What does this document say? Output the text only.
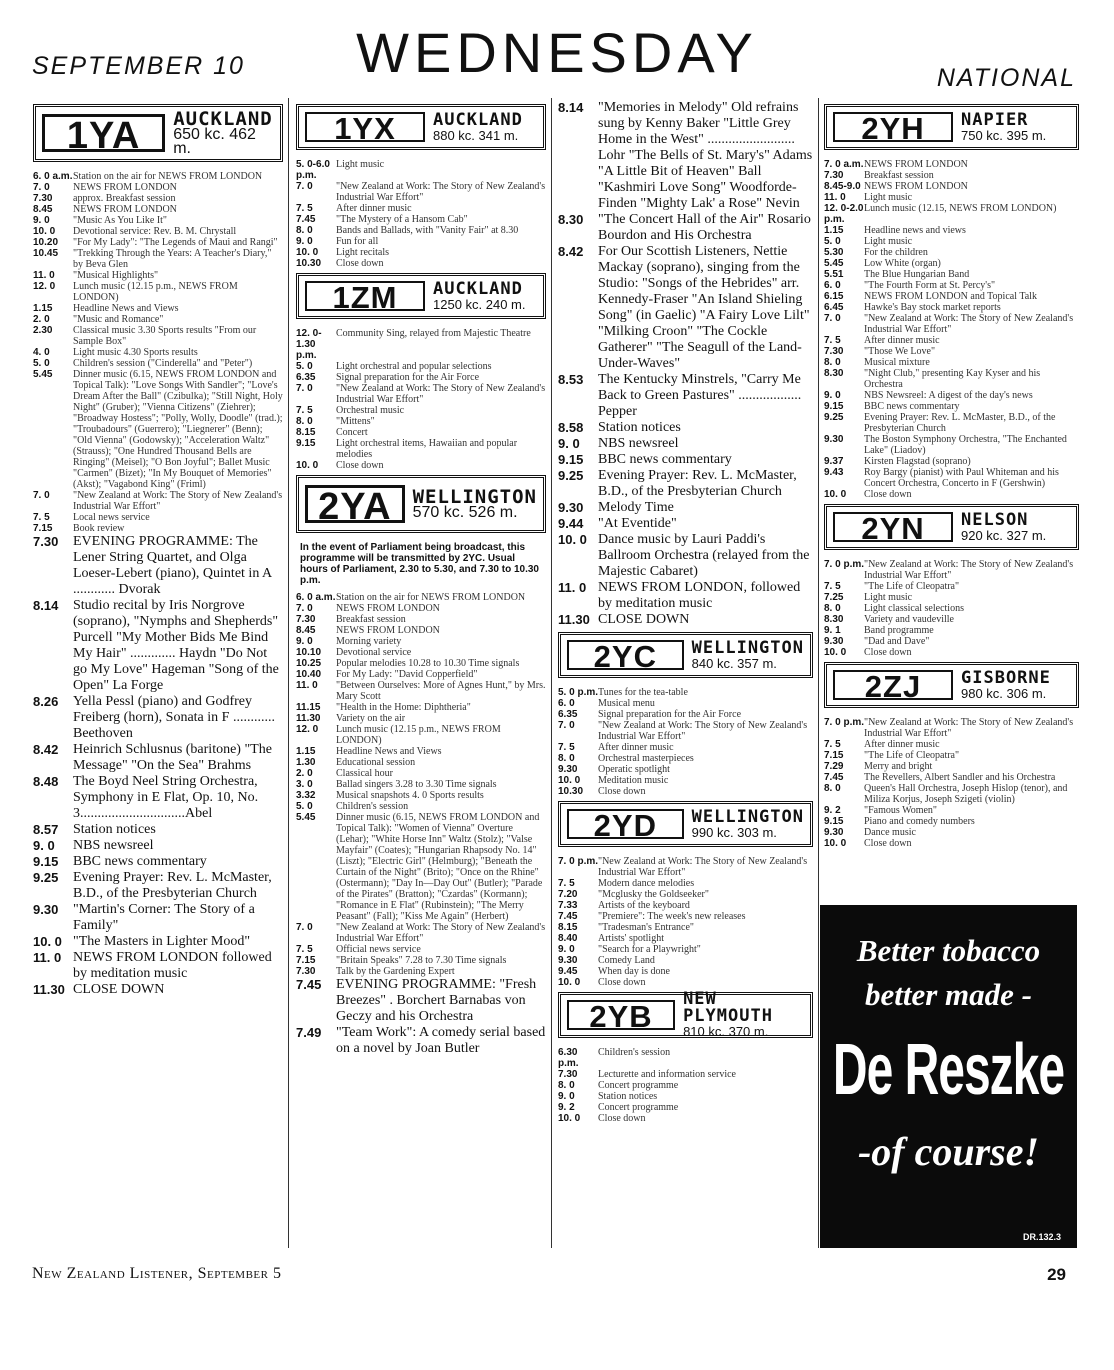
SEPTEMBER 10	WEDNESDAY	NATIONAL
1YA	AUCKLAND
650 kc. 462 m.
6. 0 a.m. Station on the air for NEWS FROM LONDON
7. 0	NEWS FROM LONDON
7.30	approx. Breakfast session
8.45	NEWS FROM LONDON
9. 0	"Music As You Like It"
10. 0	Devotional service: Rev. B. M. Chrystall
10.20	"For My Lady": "The Legends of Maui and Rangi"
10.45	"Trekking Through the Years: A Teacher's Diary," by Beva Glen
11. 0	"Musical Highlights"
12. 0	Lunch music (12.15 p.m., NEWS FROM LONDON)
1.15	Headline News and Views
2. 0	"Music and Romance"
2.30	Classical music 3.30 Sports results "From our Sample Box"
4. 0	Light music 4.30 Sports results
5. 0	Children's session ("Cinderella" and "Peter")
5.45	Dinner music (6.15, NEWS FROM LONDON and Topical Talk): "Love Songs With Sandler"; "Love's Dream After the Ball" (Czibulka); "Still Night, Holy Night" (Gruber); "Vienna Citizens" (Ziehrer); "Broadway Hostess"; "Polly, Wolly, Doodle" (trad.); "Troubadours" (Guerrero); "Liegnerer" (Benn); "Old Vienna" (Godowsky); "Acceleration Waltz" (Strauss); "One Hundred Thousand Bells are Ringing" (Meisel); "O Bon Joyful"; Ballet Music "Carmen" (Bizet); "In My Bouquet of Memories" (Akst); "Vagabond King" (Friml)
7. 0	"New Zealand at Work: The Story of New Zealand's Industrial War Effort"
7. 5	Local news service
7.15	Book review
7.30	EVENING PROGRAMME: The Lener String Quartet, and Olga Loeser-Lebert (piano), Quintet in A ............ Dvorak
8.14	Studio recital by Iris Norgrove (soprano), "Nymphs and Shepherds" Purcell "My Mother Bids Me Bind My Hair" ............. Haydn "Do Not go My Love" Hageman "Song of the Open" La Forge
8.26	Yella Pessl (piano) and Godfrey Freiberg (horn), Sonata in F ............ Beethoven
8.42	Heinrich Schlusnus (baritone) "The Message" "On the Sea" Brahms
8.48	The Boyd Neel String Orchestra, Symphony in E Flat, Op. 10, No. 3..............................Abel
8.57	Station notices
9. 0	NBS newsreel
9.15	BBC news commentary
9.25	Evening Prayer: Rev. L. McMaster, B.D., of the Presbyterian Church
9.30	"Martin's Corner: The Story of a Family"
10. 0 "The Masters in Lighter Mood"
11. 0 NEWS FROM LONDON followed by meditation music
11.30 CLOSE DOWN
1YX	AUCKLAND
880 kc. 341 m.
5. 0-6.0 p.m.
Light music
7. 0	"New Zealand at Work: The Story of New Zealand's Industrial War Effort"
7. 5	After dinner music
7.45	"The Mystery of a Hansom Cab"
8. 0	Bands and Ballads, with "Vanity Fair" at 8.30
9. 0	Fun for all
10. 0	Light recitals
10.30	Close down
1ZM	AUCKLAND
1250 kc. 240 m.
12. 0-1.30 p.m.
Community Sing, relayed from Majestic Theatre
5. 0	Light orchestral and popular selections
6.35	Signal preparation for the Air Force
7. 0	"New Zealand at Work: The Story of New Zealand's Industrial War Effort"
7. 5	Orchestral music
8. 0	"Mittens"
8.15	Concert
9.15	Light orchestral items, Hawaiian and popular melodies
10. 0	Close down
2YA	WELLINGTON
570 kc. 526 m.
In the event of Parliament being broadcast, this programme will be transmitted by 2YC. Usual hours of Parliament, 2.30 to 5.30, and 7.30 to 10.30 p.m.
6. 0 a.m. Station on the air for NEWS FROM LONDON
7. 0	NEWS FROM LONDON
7.30	Breakfast session
8.45	NEWS FROM LONDON
9. 0	Morning variety
10.10	Devotional service
10.25	Popular melodies 10.28 to 10.30 Time signals
10.40	For My Lady: "David Copperfield"
11. 0	"Between Ourselves: More of Agnes Hunt," by Mrs. Mary Scott
11.15	"Health in the Home: Diphtheria"
11.30	Variety on the air
12. 0	Lunch music (12.15 p.m., NEWS FROM LONDON)
1.15	Headline News and Views
1.30	Educational session
2. 0	Classical hour
3. 0	Ballad singers 3.28 to 3.30 Time signals
3.32	Musical snapshots 4. 0 Sports results
5. 0	Children's session
5.45	Dinner music (6.15, NEWS FROM LONDON and Topical Talk): "Women of Vienna" Overture (Lehar); "White Horse Inn" Waltz (Stolz); "Valse Mayfair" (Coates); "Hungarian Rhapsody No. 14" (Liszt); "Electric Girl" (Helmburg); "Beneath the Curtain of the Night" (Brito); "Once on the Rhine" (Ostermann); "Day In—Day Out" (Butler); "Parade of the Pirates" (Bratton); "Czardas" (Kormann); "Romance in E Flat" (Rubinstein); "The Merry Peasant" (Fall); "Kiss Me Again" (Herbert)
7. 0	"New Zealand at Work: The Story of New Zealand's Industrial War Effort"
7. 5	Official news service
7.15	"Britain Speaks" 7.28 to 7.30 Time signals
7.30	Talk by the Gardening Expert
7.45	EVENING PROGRAMME: "Fresh Breezes" . Borchert Barnabas von Geczy and his Orchestra
7.49	"Team Work": A comedy serial based on a novel by Joan Butler
8.14	"Memories in Melody" Old refrains sung by Kenny Baker "Little Grey Home in the West" ......................... Lohr "The Bells of St. Mary's" Adams "A Little Bit of Heaven" Ball "Kashmiri Love Song" Woodforde-Finden "Mighty Lak' a Rose" Nevin
8.30	"The Concert Hall of the Air" Rosario Bourdon and His Orchestra
8.42	For Our Scottish Listeners, Nettie Mackay (soprano), singing from the Studio: "Songs of the Hebrides" arr. Kennedy-Fraser "An Island Shieling Song" (in Gaelic) "A Fairy Love Lilt" "Milking Croon" "The Cockle Gatherer" "The Seagull of the Land-Under-Waves"
8.53	The Kentucky Minstrels, "Carry Me Back to Green Pastures" .................. Pepper
8.58	Station notices
9. 0	NBS newsreel
9.15	BBC news commentary
9.25	Evening Prayer: Rev. L. McMaster, B.D., of the Presbyterian Church
9.30	Melody Time
9.44	"At Eventide"
10. 0 Dance music by Lauri Paddi's Ballroom Orchestra (relayed from the Majestic Cabaret)
11. 0 NEWS FROM LONDON, followed by meditation music
11.30 CLOSE DOWN
2YC	WELLINGTON
840 kc. 357 m.
5. 0 p.m. Tunes for the tea-table
6. 0	Musical menu
6.35	Signal preparation for the Air Force
7. 0	"New Zealand at Work: The Story of New Zealand's Industrial War Effort"
7. 5	After dinner music
8. 0	Orchestral masterpieces
9.30	Operatic spotlight
10. 0	Meditation music
10.30	Close down
2YD	WELLINGTON
990 kc. 303 m.
7. 0 p.m. "New Zealand at Work: The Story of New Zealand's Industrial War Effort"
7. 5	Modern dance melodies
7.20	"Mcglusky the Goldseeker"
7.33	Artists of the keyboard
7.45	"Premiere": The week's new releases
8.15	"Tradesman's Entrance"
8.40	Artists' spotlight
9. 0	"Search for a Playwright"
9.30	Comedy Land
9.45	When day is done
10. 0	Close down
2YB	NEW PLYMOUTH
810 kc. 370 m.
6.30 p.m.
Children's session
7.30	Lecturette and information service
8. 0	Concert programme
9. 0	Station notices
9. 2	Concert programme
10. 0	Close down
2YH	NAPIER
750 kc. 395 m.
7. 0 a.m. NEWS FROM LONDON
7.30	Breakfast session
8.45-9.0 NEWS FROM LONDON
11. 0	Light music
12. 0-2.0 p.m.
Lunch music (12.15, NEWS FROM LONDON)
1.15	Headline news and views
5. 0	Light music
5.30	For the children
5.45	Low White (organ)
5.51	The Blue Hungarian Band
6. 0	"The Fourth Form at St. Percy's"
6.15	NEWS FROM LONDON and Topical Talk
6.45	Hawke's Bay stock market reports
7. 0	"New Zealand at Work: The Story of New Zealand's Industrial War Effort"
7. 5	After dinner music
7.30	"Those We Love"
8. 0	Musical mixture
8.30	"Night Club," presenting Kay Kyser and his Orchestra
9. 0	NBS Newsreel: A digest of the day's news
9.15	BBC news commentary
9.25	Evening Prayer: Rev. L. McMaster, B.D., of the Presbyterian Church
9.30	The Boston Symphony Orchestra, "The Enchanted Lake" (Liadov)
9.37	Kirsten Flagstad (soprano)
9.43	Roy Bargy (pianist) with Paul Whiteman and his Concert Orchestra, Concerto in F (Gershwin)
10. 0	Close down
2YN	NELSON
920 kc. 327 m.
7. 0 p.m. "New Zealand at Work: The Story of New Zealand's Industrial War Effort"
7. 5	"The Life of Cleopatra"
7.25	Light music
8. 0	Light classical selections
8.30	Variety and vaudeville
9. 1	Band programme
9.30	"Dad and Dave"
10. 0	Close down
2ZJ	GISBORNE
980 kc. 306 m.
7. 0 p.m. "New Zealand at Work: The Story of New Zealand's Industrial War Effort"
7. 5	After dinner music
7.15	"The Life of Cleopatra"
7.29	Merry and bright
7.45	The Revellers, Albert Sandler and his Orchestra
8. 0	Queen's Hall Orchestra, Joseph Hislop (tenor), and Miliza Korjus, Joseph Szigeti (violin)
9. 2	"Famous Women"
9.15	Piano and comedy numbers
9.30	Dance music
10. 0	Close down
Better tobacco
better made -
De Reszke
-of course!
DR.132.3
New Zealand Listener, September 5	29
